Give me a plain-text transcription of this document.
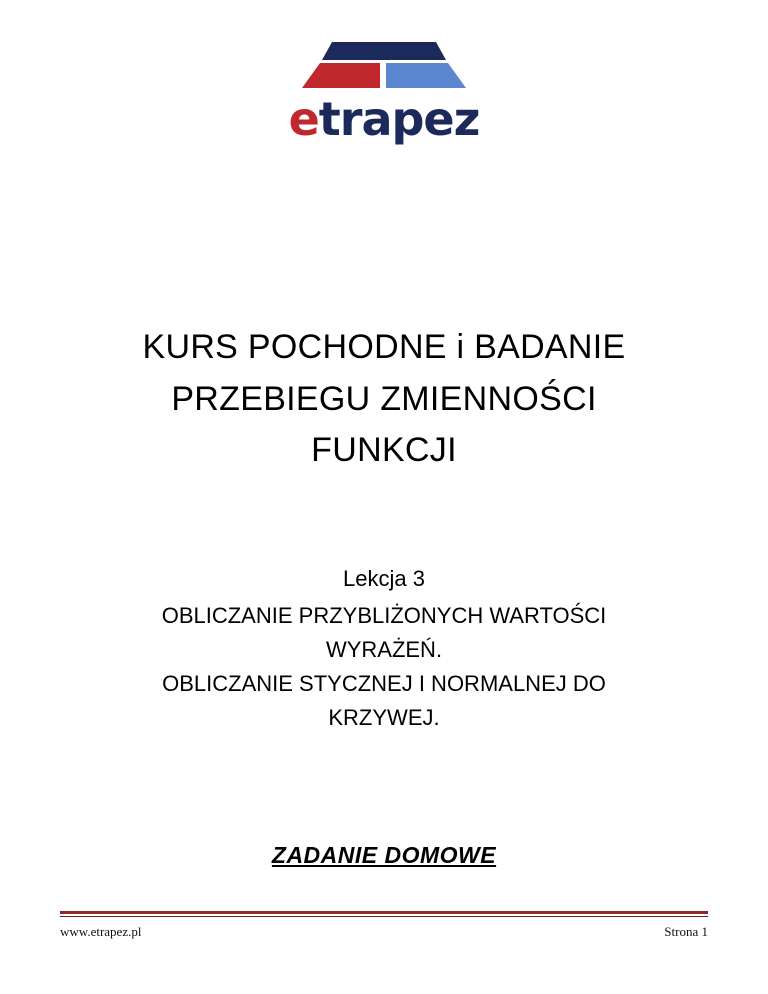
e trapez
KURS POCHODNE i BADANIE
PRZEBIEGU ZMIENNOŚCI
FUNKCJI
Lekcja 3
OBLICZANIE PRZYBLIŻONYCH WARTOŚCI
WYRAŻEŃ.
OBLICZANIE STYCZNEJ I NORMALNEJ DO
KRZYWEJ.
ZADANIE DOMOWE
www.etrapez.pl	Strona 1
